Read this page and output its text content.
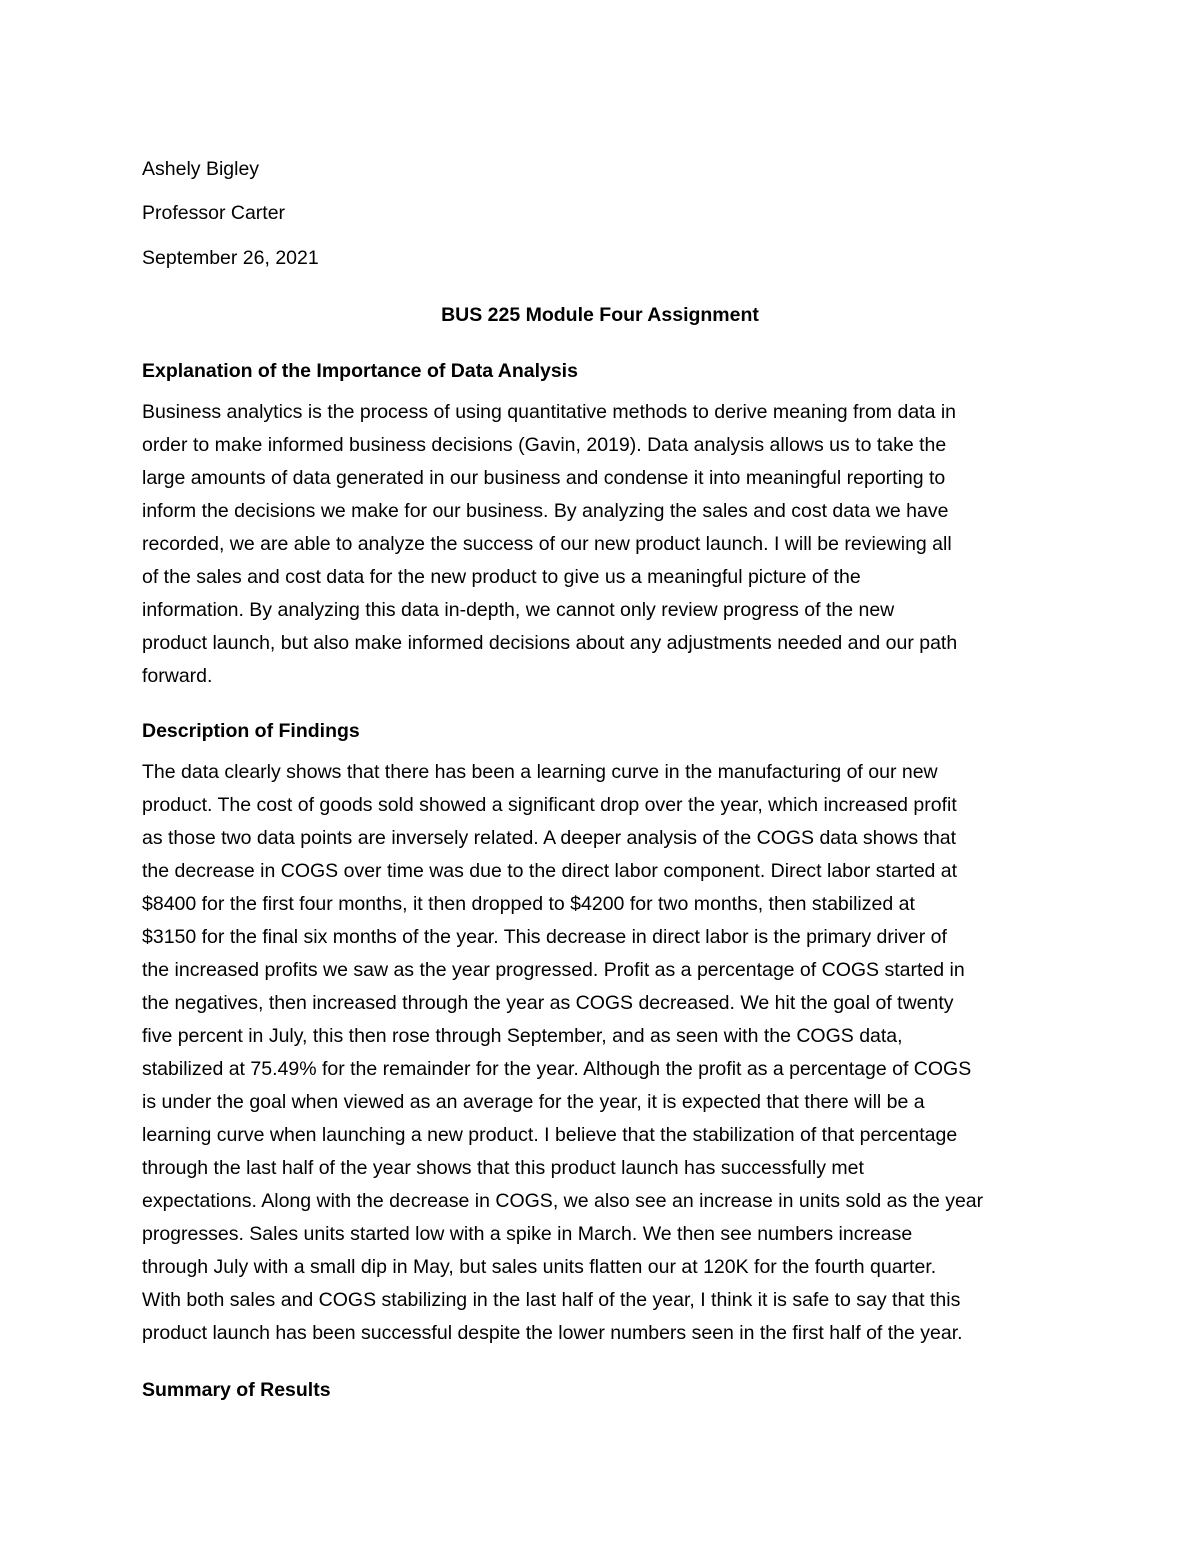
Ashely Bigley
Professor Carter
September 26, 2021
BUS 225 Module Four Assignment
Explanation of the Importance of Data Analysis
Business analytics is the process of using quantitative methods to derive meaning from data in
order to make informed business decisions (Gavin, 2019). Data analysis allows us to take the
large amounts of data generated in our business and condense it into meaningful reporting to
inform the decisions we make for our business. By analyzing the sales and cost data we have
recorded, we are able to analyze the success of our new product launch. I will be reviewing all
of the sales and cost data for the new product to give us a meaningful picture of the
information. By analyzing this data in-depth, we cannot only review progress of the new
product launch, but also make informed decisions about any adjustments needed and our path
forward.
Description of Findings
The data clearly shows that there has been a learning curve in the manufacturing of our new
product. The cost of goods sold showed a significant drop over the year, which increased profit
as those two data points are inversely related. A deeper analysis of the COGS data shows that
the decrease in COGS over time was due to the direct labor component. Direct labor started at
$8400 for the first four months, it then dropped to $4200 for two months, then stabilized at
$3150 for the final six months of the year. This decrease in direct labor is the primary driver of
the increased profits we saw as the year progressed. Profit as a percentage of COGS started in
the negatives, then increased through the year as COGS decreased. We hit the goal of twenty
five percent in July, this then rose through September, and as seen with the COGS data,
stabilized at 75.49% for the remainder for the year. Although the profit as a percentage of COGS
is under the goal when viewed as an average for the year, it is expected that there will be a
learning curve when launching a new product. I believe that the stabilization of that percentage
through the last half of the year shows that this product launch has successfully met
expectations. Along with the decrease in COGS, we also see an increase in units sold as the year
progresses. Sales units started low with a spike in March. We then see numbers increase
through July with a small dip in May, but sales units flatten our at 120K for the fourth quarter.
With both sales and COGS stabilizing in the last half of the year, I think it is safe to say that this
product launch has been successful despite the lower numbers seen in the first half of the year.
Summary of Results
